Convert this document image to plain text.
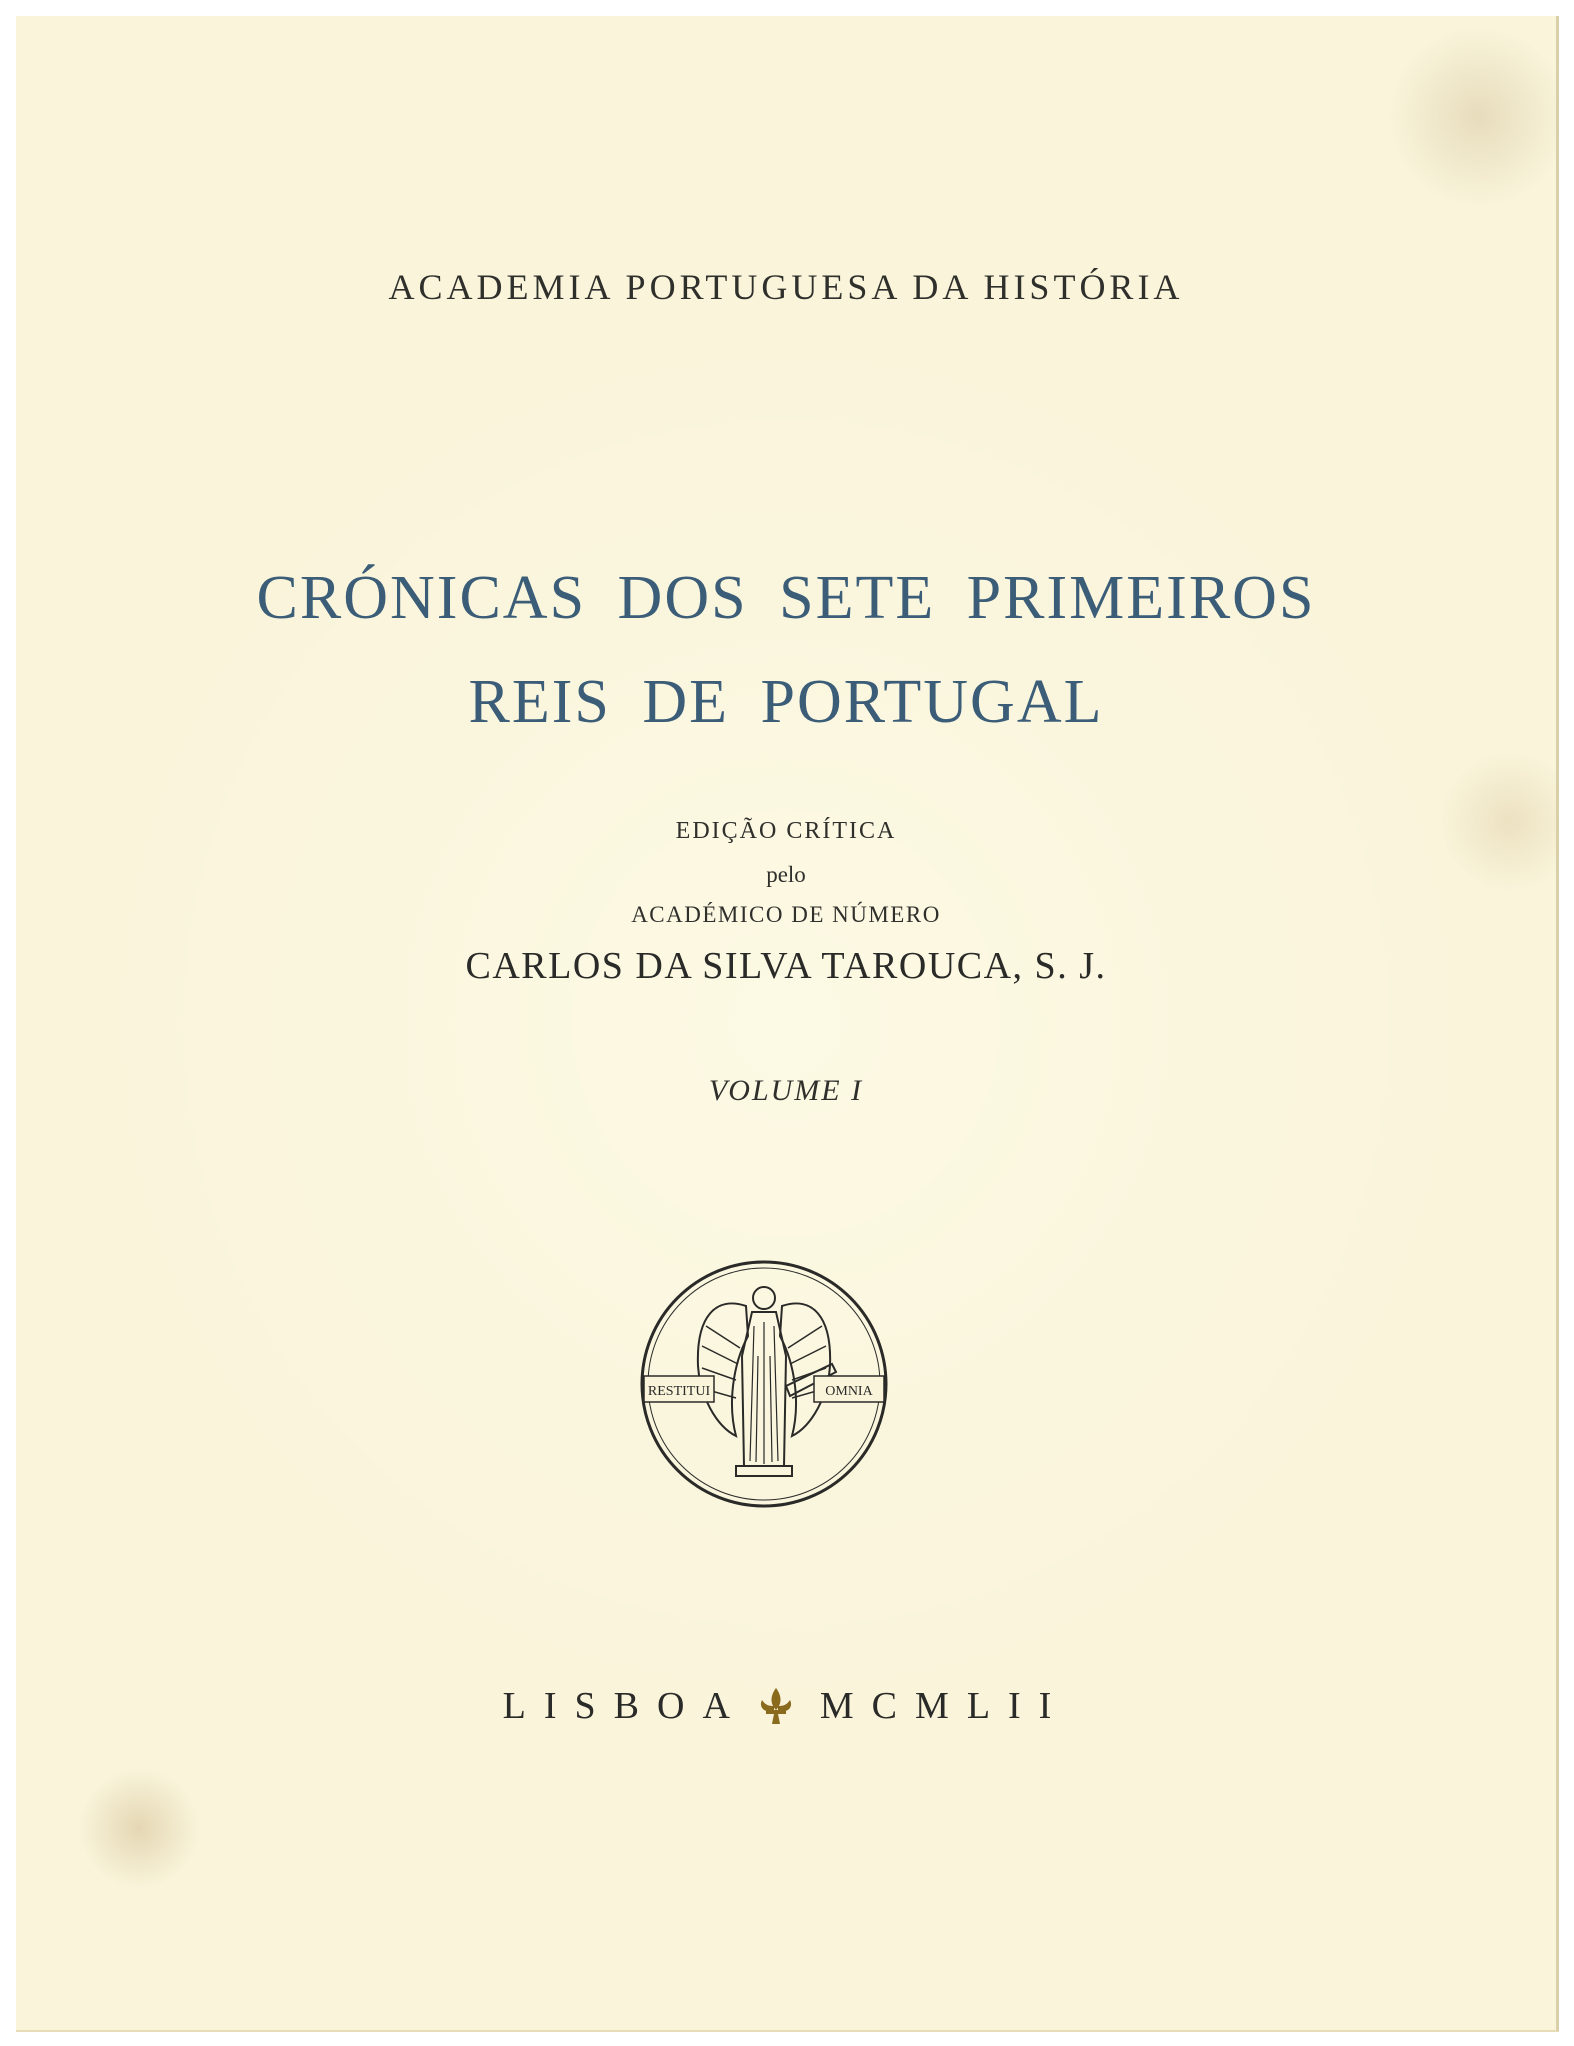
ACADEMIA PORTUGUESA DA HISTÓRIA
CRÓNICAS DOS SETE PRIMEIROS
REIS DE PORTUGAL
EDIÇÃO CRÍTICA
pelo
ACADÉMICO DE NÚMERO
CARLOS DA SILVA TAROUCA, S. J.
VOLUME I
RESTITUI	OMNIA
LISBOA MCMLII
